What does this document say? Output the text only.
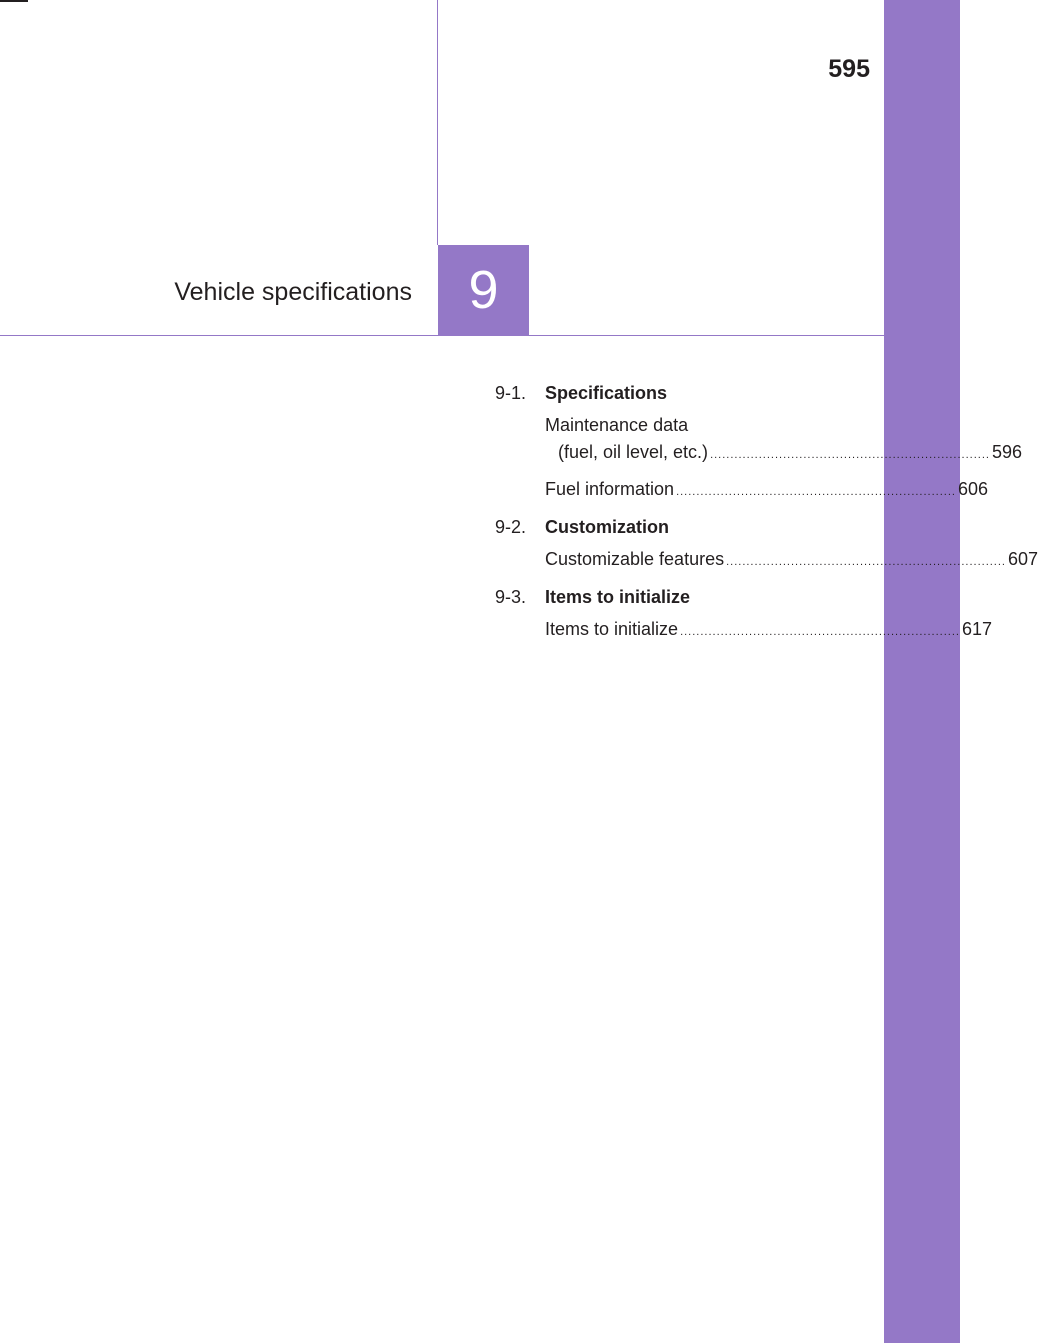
595
Vehicle specifications	9
9-1.	Specifications
Maintenance data
(fuel, oil level, etc.) ..................................................................... 596
Fuel information ..................................................................... 606
9-2.	Customization
Customizable features ..................................................................... 607
9-3.	Items to initialize
Items to initialize ..................................................................... 617
